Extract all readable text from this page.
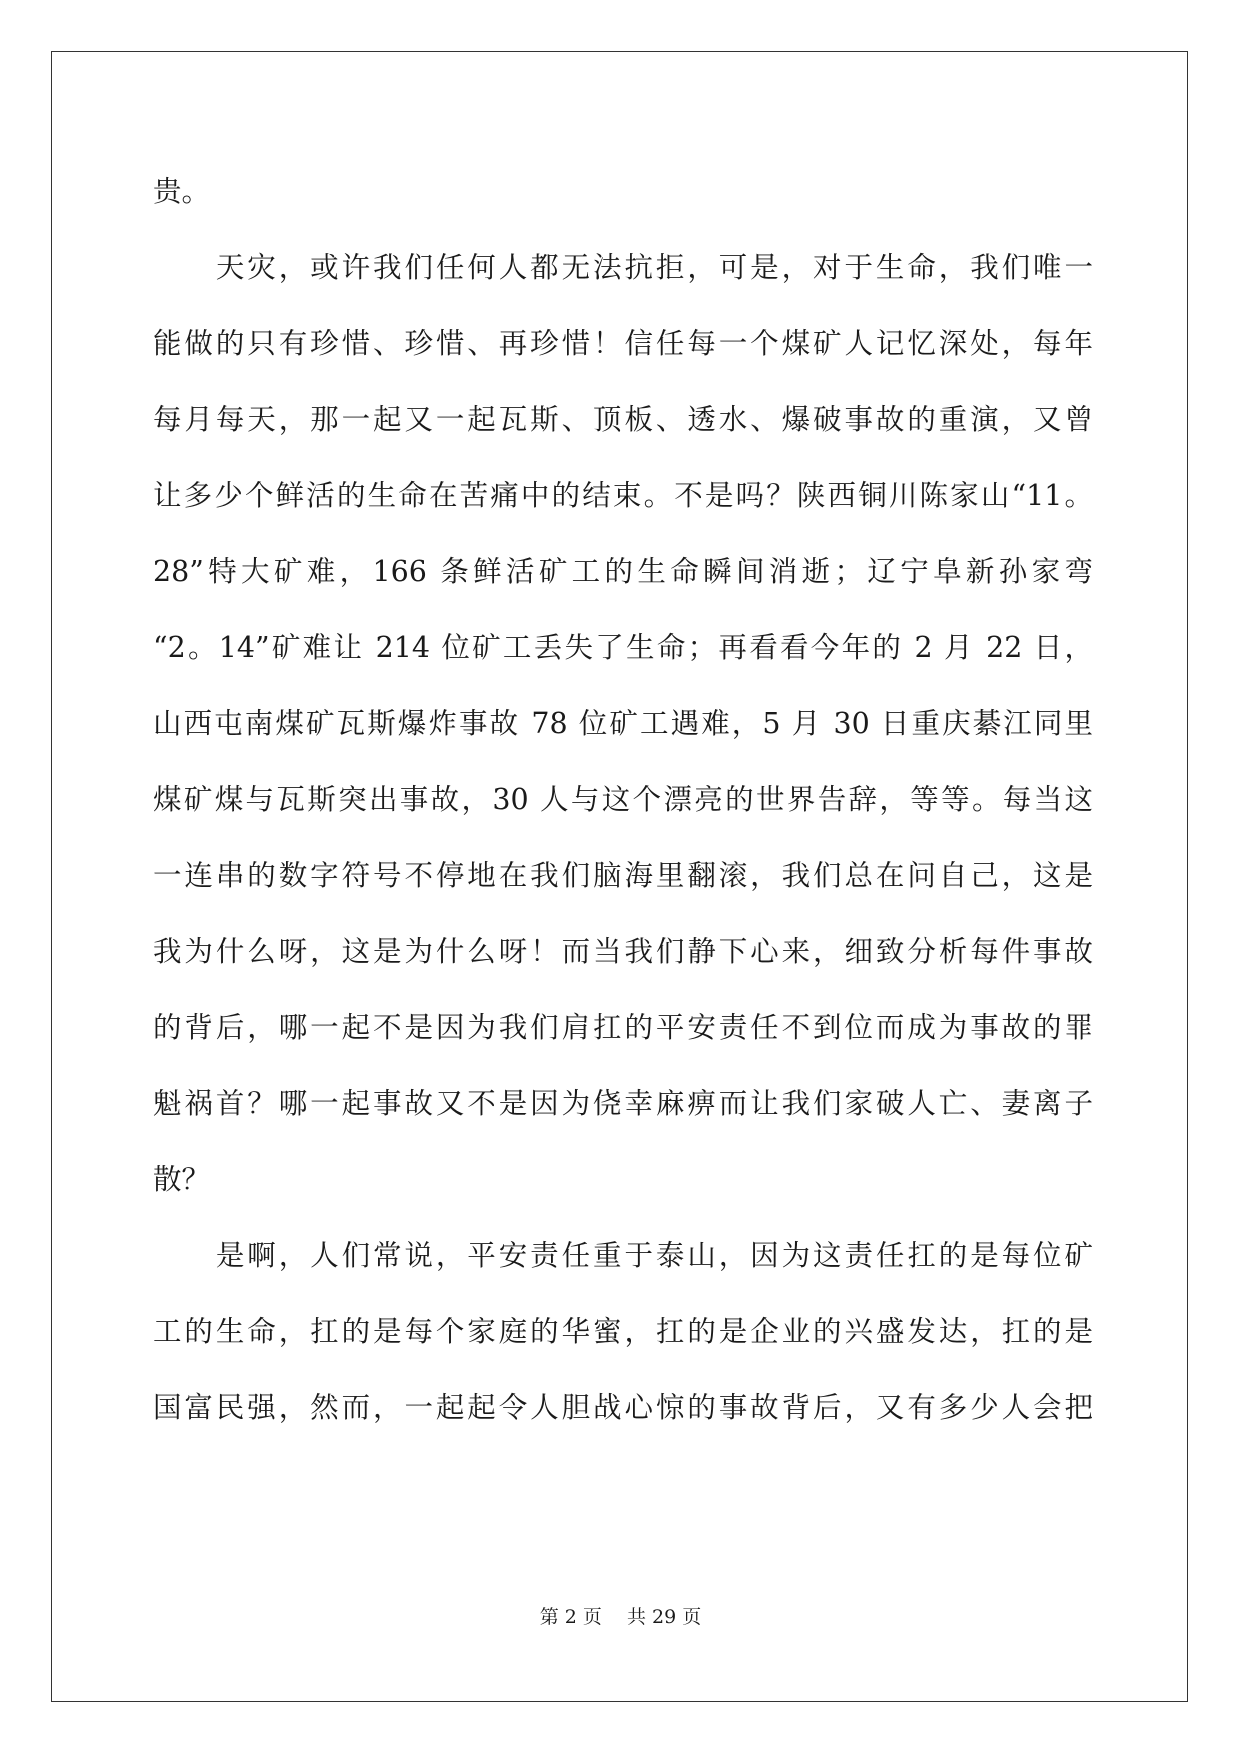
贵。
　　天灾，或许我们任何人都无法抗拒，可是，对于生命，我们唯一
能做的只有珍惜、珍惜、再珍惜！信任每一个煤矿人记忆深处，每年
每月每天，那一起又一起瓦斯、顶板、透水、爆破事故的重演，又曾
让多少个鲜活的生命在苦痛中的结束。不是吗？陕西铜川陈家山“11。
28”特大矿难，166 条鲜活矿工的生命瞬间消逝；辽宁阜新孙家弯
“2。14”矿难让 214 位矿工丢失了生命；再看看今年的 2 月 22 日，
山西屯南煤矿瓦斯爆炸事故 78 位矿工遇难，5 月 30 日重庆綦江同里
煤矿煤与瓦斯突出事故，30 人与这个漂亮的世界告辞，等等。每当这
一连串的数字符号不停地在我们脑海里翻滚，我们总在问自己，这是
我为什么呀，这是为什么呀！而当我们静下心来，细致分析每件事故
的背后，哪一起不是因为我们肩扛的平安责任不到位而成为事故的罪
魁祸首？哪一起事故又不是因为侥幸麻痹而让我们家破人亡、妻离子
散？
　　是啊，人们常说，平安责任重于泰山，因为这责任扛的是每位矿
工的生命，扛的是每个家庭的华蜜，扛的是企业的兴盛发达，扛的是
国富民强，然而，一起起令人胆战心惊的事故背后，又有多少人会把
第 2 页　 共 29 页
